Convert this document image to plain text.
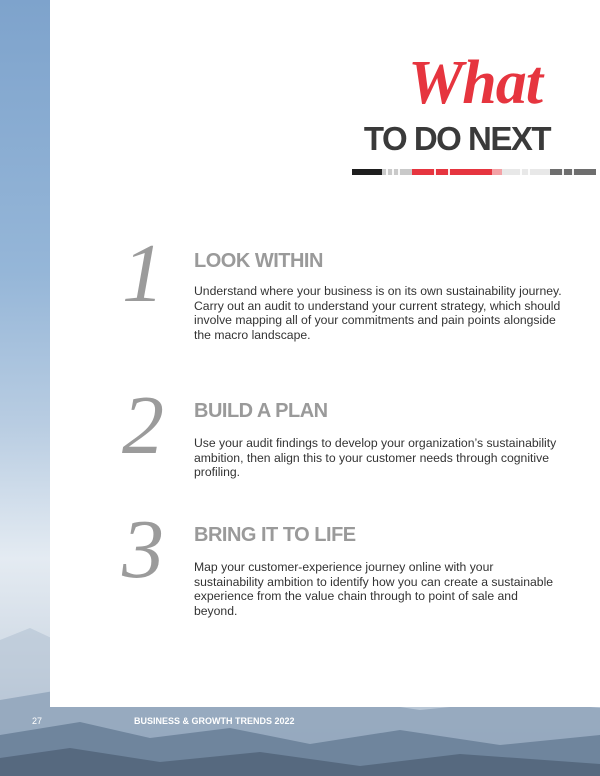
What
TO DO NEXT
1 LOOK WITHIN

Understand where your business is on its own sustainability journey. Carry out an audit to understand your current strategy, which should involve mapping all of your commitments and pain points alongside the macro landscape.

2 BUILD A PLAN

Use your audit findings to develop your organization’s sustainability ambition, then align this to your customer needs through cognitive profiling.

3 BRING IT TO LIFE

Map your customer-experience journey online with your sustainability ambition to identify how you can create a sustainable experience from the value chain through to point of sale and beyond.

27	BUSINESS & GROWTH TRENDS 2022
